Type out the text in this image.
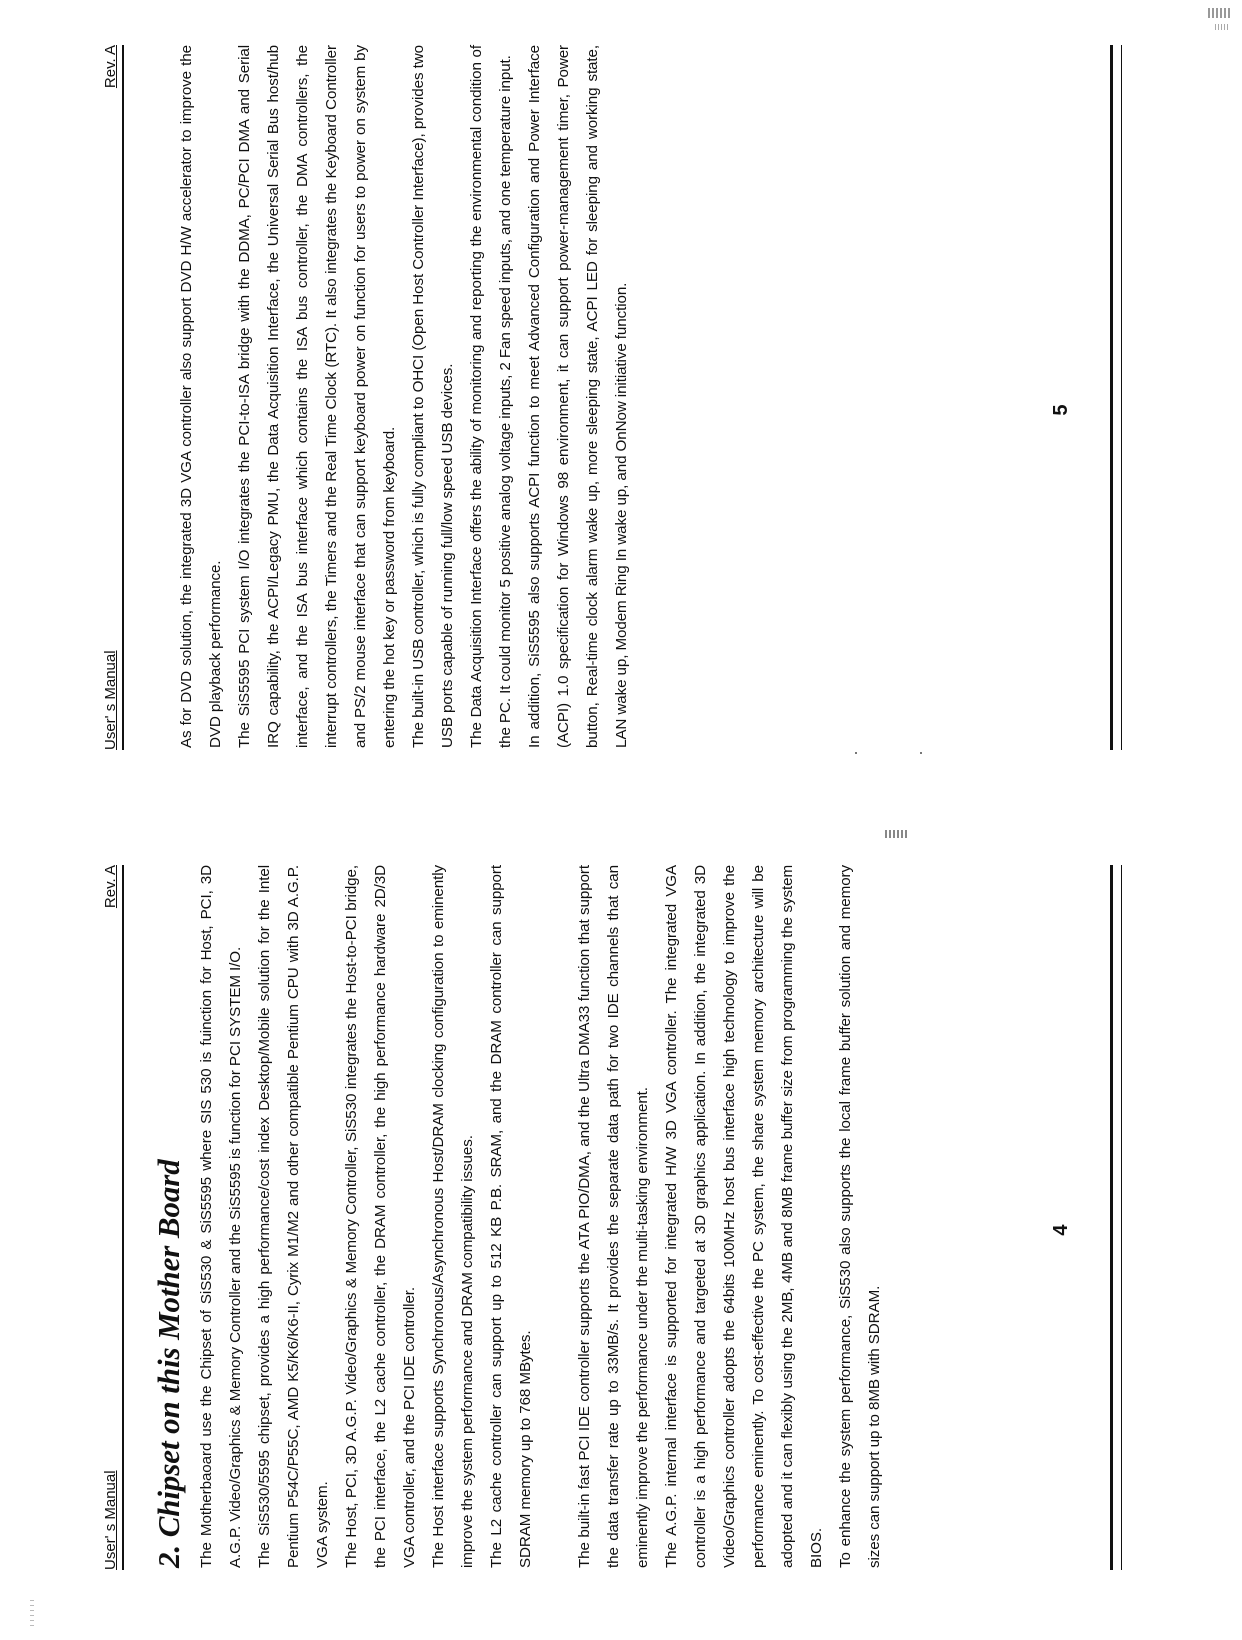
User' s Manual
Rev. A
2. Chipset on this Mother Board The Motherbaoard use the Chipset of SiS530 & SiS5595 where SIS 530 is fuinction for Host, PCI, 3D A.G.P. Video/Graphics & Memory Controller and the SiS5595 is function for PCI SYSTEM I/O. The SiS530/5595 chipset, provides a high performance/cost index Desktop/Mobile solution for the Intel Pentium P54C/P55C, AMD K5/K6/K6-II, Cyrix M1/M2 and other compatible Pentium CPU with 3D A.G.P. VGA system. The Host, PCI, 3D A.G.P. Video/Graphics & Memory Controller, SiS530 integrates the Host-to-PCI bridge, the PCI interface, the L2 cache controller, the DRAM controller, the high performance hardware 2D/3D VGA controller, and the PCI IDE controller. The Host interface supports Synchronous/Asynchronous Host/DRAM clocking configuration to eminently improve the system performance and DRAM compatibility issues. The L2 cache controller can support up to 512 KB P.B. SRAM, and the DRAM controller can support SDRAM memory up to 768 MBytes.	The built-in fast PCI IDE controller supports the ATA PIO/DMA, and the Ultra DMA33 function that support the data transfer rate up to 33MB/s. It provides the separate data path for two IDE channels that can eminently improve the performance under the multi-tasking environment. The A.G.P. internal interface is supported for integrated H/W 3D VGA controller. The integrated VGA controller is a high performance and targeted at 3D graphics application. In addition, the integrated 3D Video/Graphics controller adopts the 64bits 100MHz host bus interface high technology to improve the performance eminently. To cost-effective the PC system, the share system memory architecture will be adopted and it can flexibly using the 2MB, 4MB and 8MB frame buffer size from programming the system BIOS. To enhance the system performance, SiS530 also supports the local frame buffer solution and memory sizes can support up to 8MB with SDRAM.

4
User' s Manual
Rev. A	As for DVD solution, the integrated 3D VGA controller also support DVD H/W accelerator to improve the DVD playback performance. The SiS5595 PCI system I/O integrates the PCI-to-ISA bridge with the DDMA, PC/PCI DMA and Serial IRQ capability, the ACPI/Legacy PMU, the Data Acquisition Interface, the Universal Serial Bus host/hub interface, and the ISA bus interface which contains the ISA bus controller, the DMA controllers, the interrupt controllers, the Timers and the Real Time Clock (RTC). It also integrates the Keyboard Controller and PS/2 mouse interface that can support keyboard power on function for users to power on system by entering the hot key or password from keyboard. The built-in USB controller, which is fully compliant to OHCI (Open Host Controller Interface), provides two USB ports capable of running full/low speed USB devices. The Data Acquisition Interface offers the ability of monitoring and reporting the environmental condition of the PC. It could monitor 5 positive analog voltage inputs, 2 Fan speed inputs, and one temperature input. In addition, SiS5595 also supports ACPI function to meet Advanced Configuration and Power Interface (ACPI) 1.0 specification for Windows 98 environment, it can support power-management timer, Power button, Real-time clock alarm wake up, more sleeping state, ACPI LED for sleeping and working state, LAN wake up, Modem Ring In wake up, and OnNow initiative function.	5
